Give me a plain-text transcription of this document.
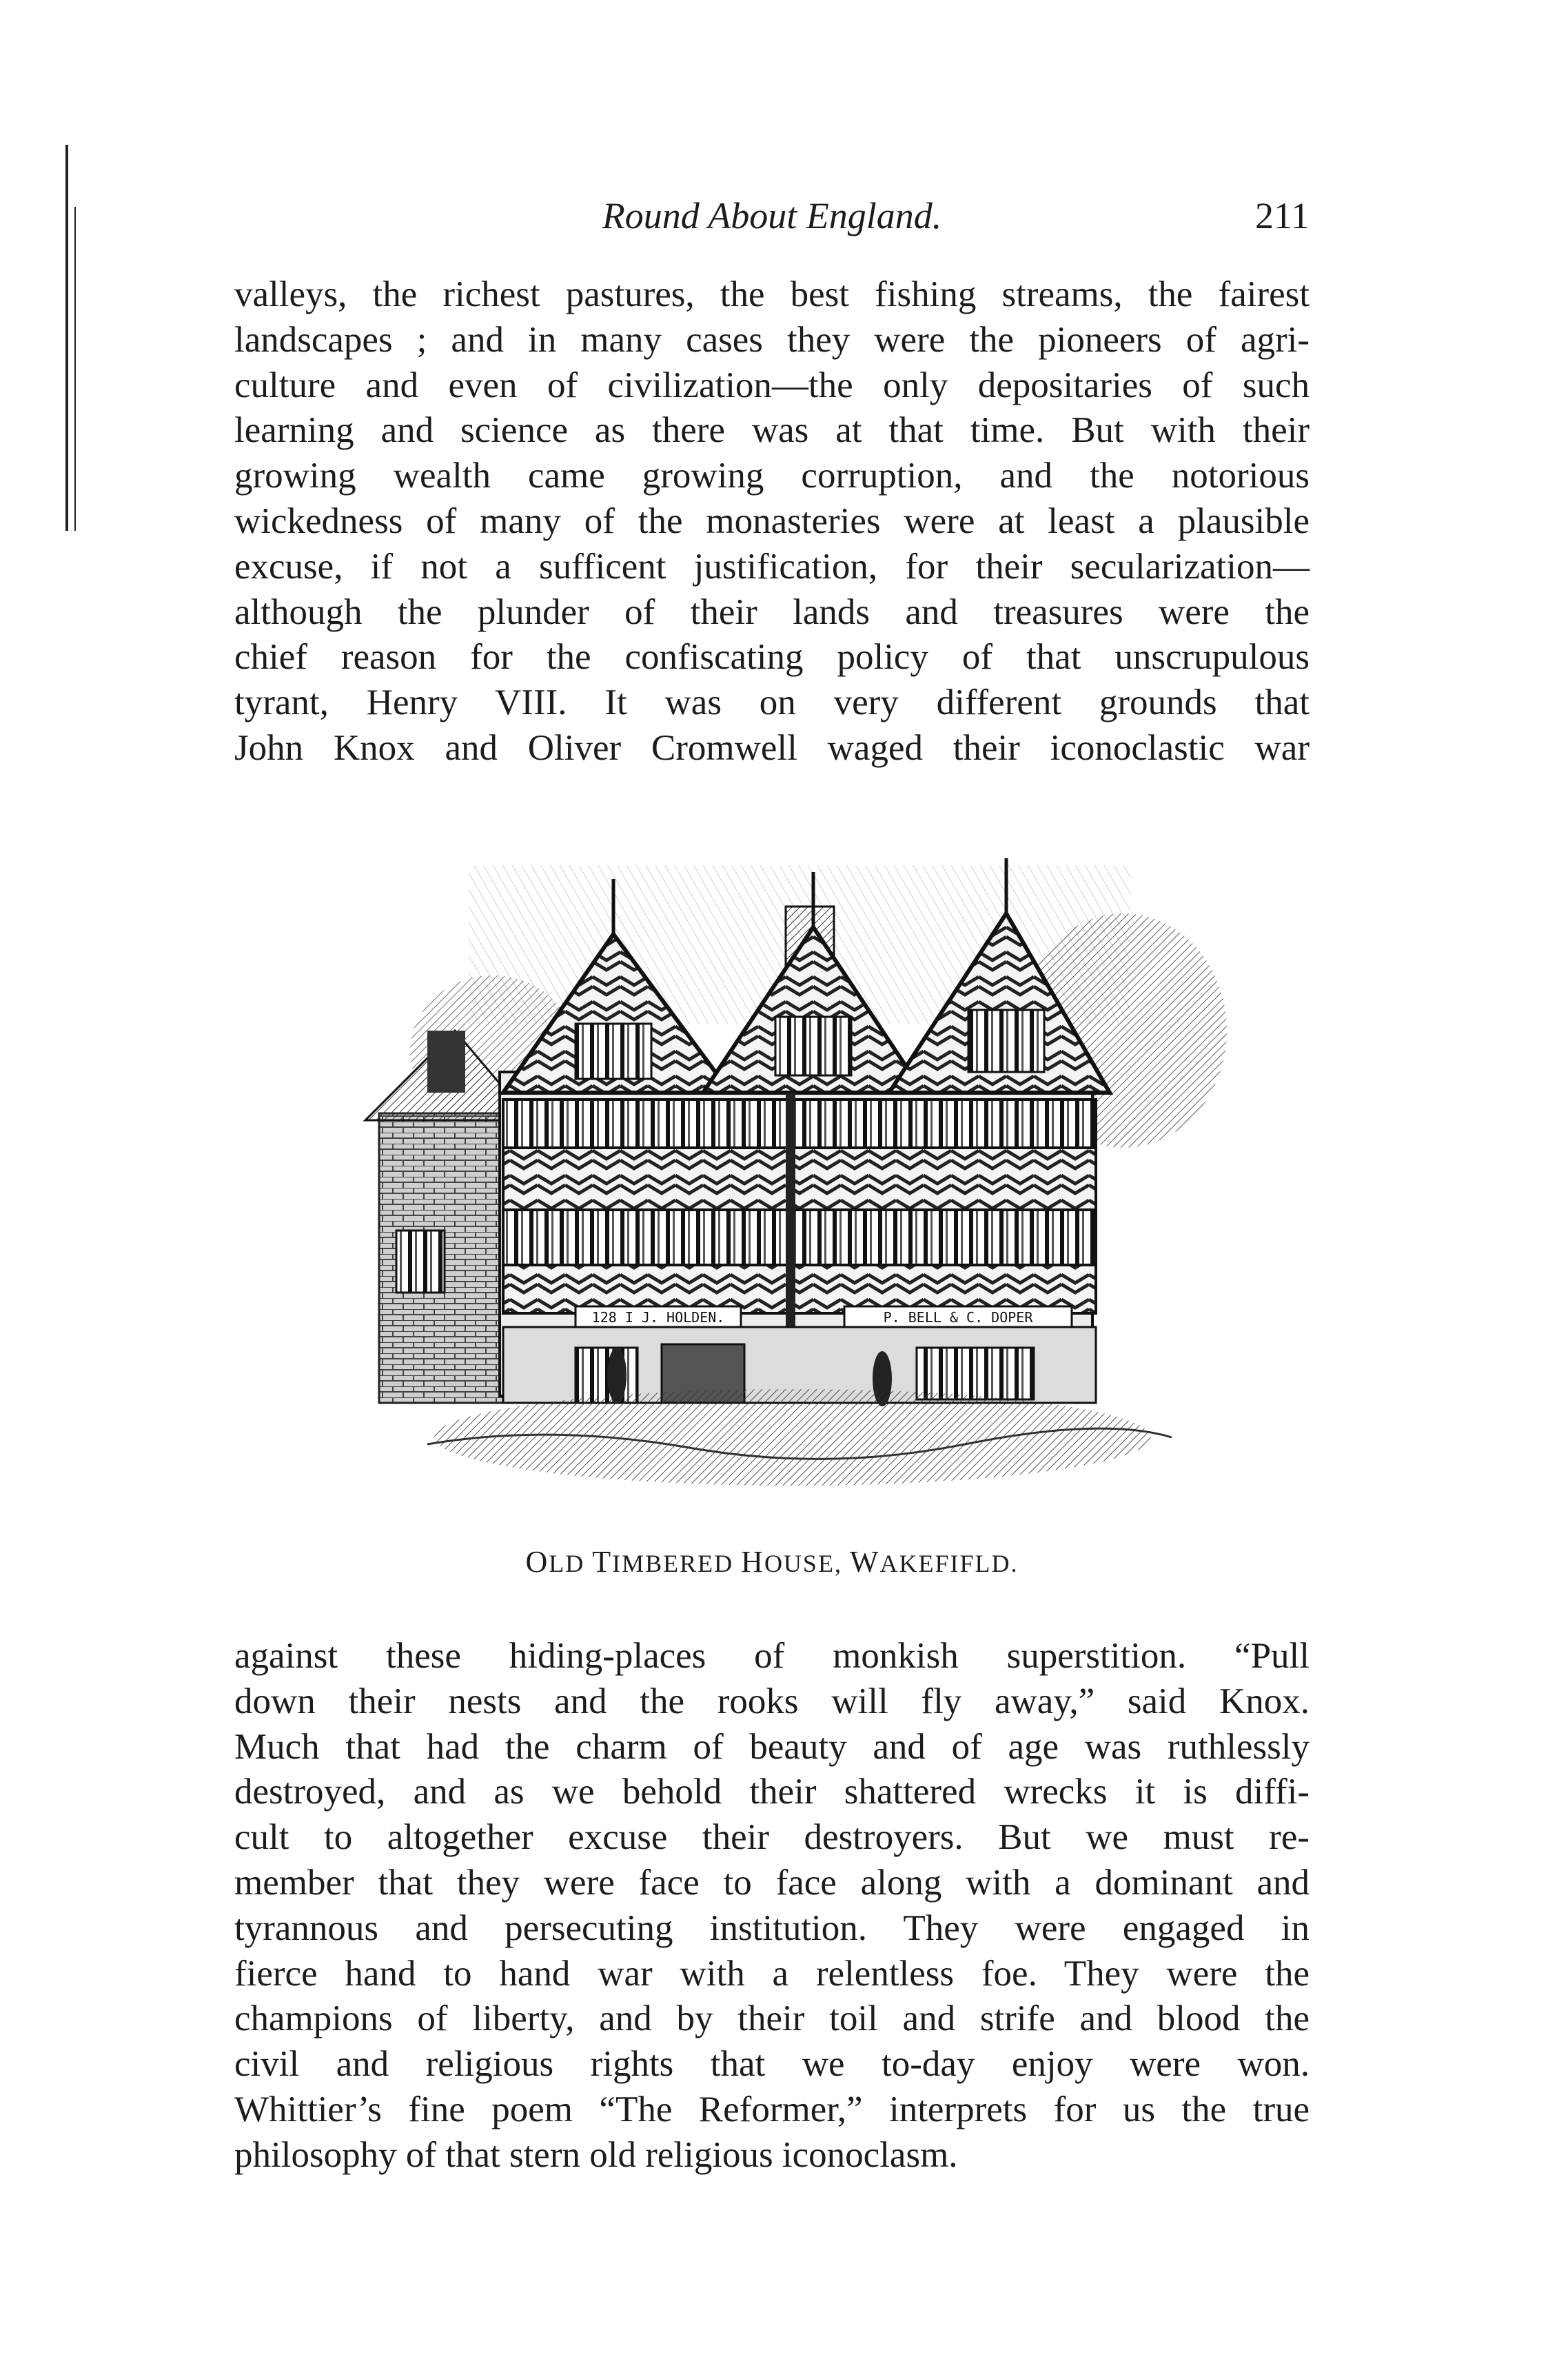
Round About England.	211
valleys, the richest pastures, the best fishing streams, the fairest
landscapes ; and in many cases they were the pioneers of agri-
culture and even of civilization—the only depositaries of such
learning and science as there was at that time. But with their
growing wealth came growing corruption, and the notorious
wickedness of many of the monasteries were at least a plausible
excuse, if not a sufficent justification, for their secularization—
although the plunder of their lands and treasures were the
chief reason for the confiscating policy of that unscrupulous
tyrant, Henry VIII. It was on very different grounds that
John Knox and Oliver Cromwell waged their iconoclastic war
128 I J. HOLDEN.	P. BELL & C. DOPER
OLD TIMBERED HOUSE, WAKEFIFLD.
against these hiding-places of monkish superstition. “Pull
down their nests and the rooks will fly away,” said Knox.
Much that had the charm of beauty and of age was ruthlessly
destroyed, and as we behold their shattered wrecks it is diffi-
cult to altogether excuse their destroyers. But we must re-
member that they were face to face along with a dominant and
tyrannous and persecuting institution. They were engaged in
fierce hand to hand war with a relentless foe. They were the
champions of liberty, and by their toil and strife and blood the
civil and religious rights that we to-day enjoy were won.
Whittier’s fine poem “The Reformer,” interprets for us the true
philosophy of that stern old religious iconoclasm.
